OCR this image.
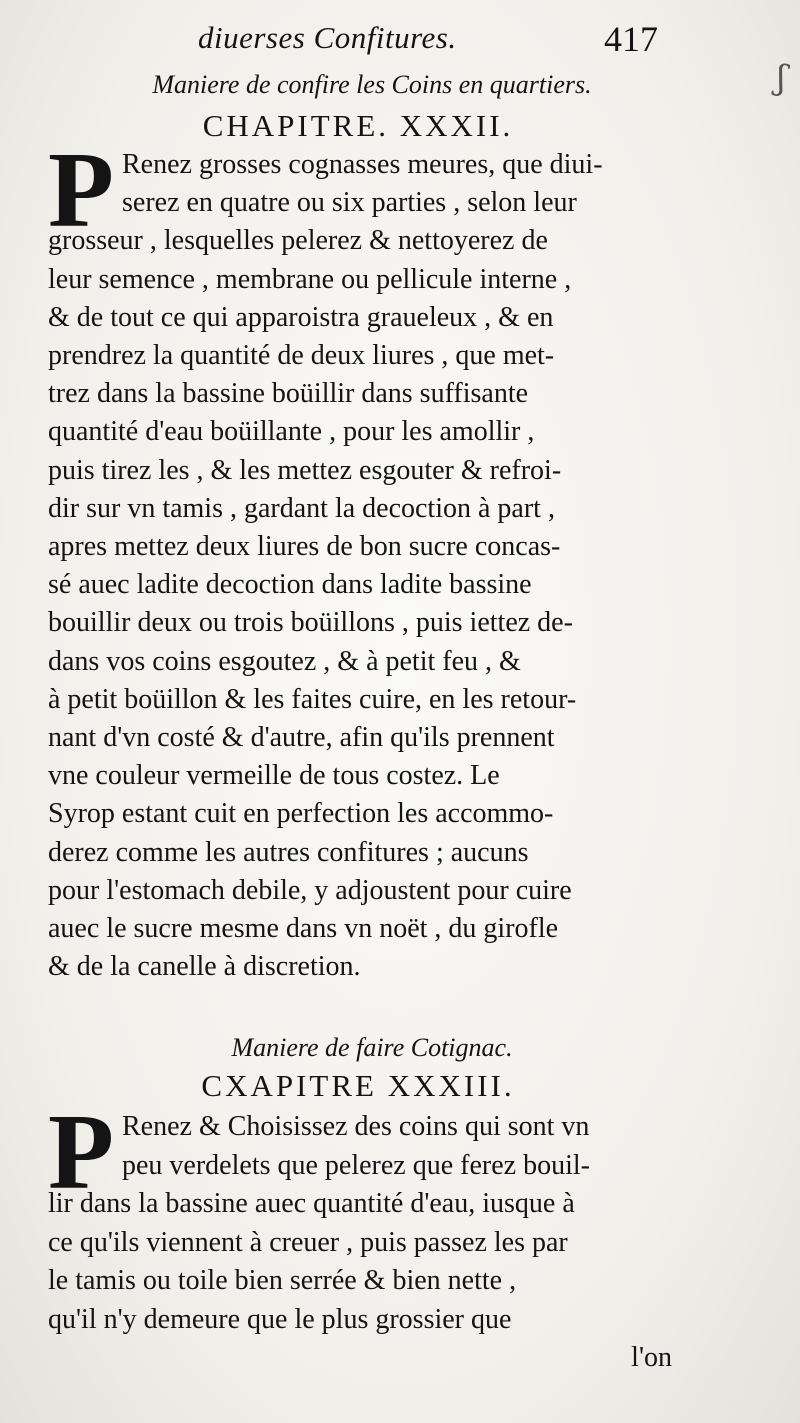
diuerses Confitures.	417
ʃ
Maniere de confire les Coins en quartiers.
CHAPITRE. XXXII.
P Renez grosses cognasses meures, que diui-
serez en quatre ou six parties , selon leur
grosseur , lesquelles pelerez & nettoyerez de
leur semence , membrane ou pellicule interne ,
& de tout ce qui apparoistra graueleux , & en
prendrez la quantité de deux liures , que met-
trez dans la bassine boüillir dans suffisante
quantité d'eau boüillante , pour les amollir ,
puis tirez les , & les mettez esgouter & refroi-
dir sur vn tamis , gardant la decoction à part ,
apres mettez deux liures de bon sucre concas-
sé auec ladite decoction dans ladite bassine
bouillir deux ou trois boüillons , puis iettez de-
dans vos coins esgoutez , & à petit feu , &
à petit boüillon & les faites cuire, en les retour-
nant d'vn costé & d'autre, afin qu'ils prennent
vne couleur vermeille de tous costez. Le
Syrop estant cuit en perfection les accommo-
derez comme les autres confitures ; aucuns
pour l'estomach debile, y adjoustent pour cuire
auec le sucre mesme dans vn noët , du girofle
& de la canelle à discretion.
Maniere de faire Cotignac.
CXAPITRE XXXIII.
P Renez & Choisissez des coins qui sont vn
peu verdelets que pelerez que ferez bouil-
lir dans la bassine auec quantité d'eau, iusque à
ce qu'ils viennent à creuer , puis passez les par
le tamis ou toile bien serrée & bien nette ,
qu'il n'y demeure que le plus grossier que
l'on
